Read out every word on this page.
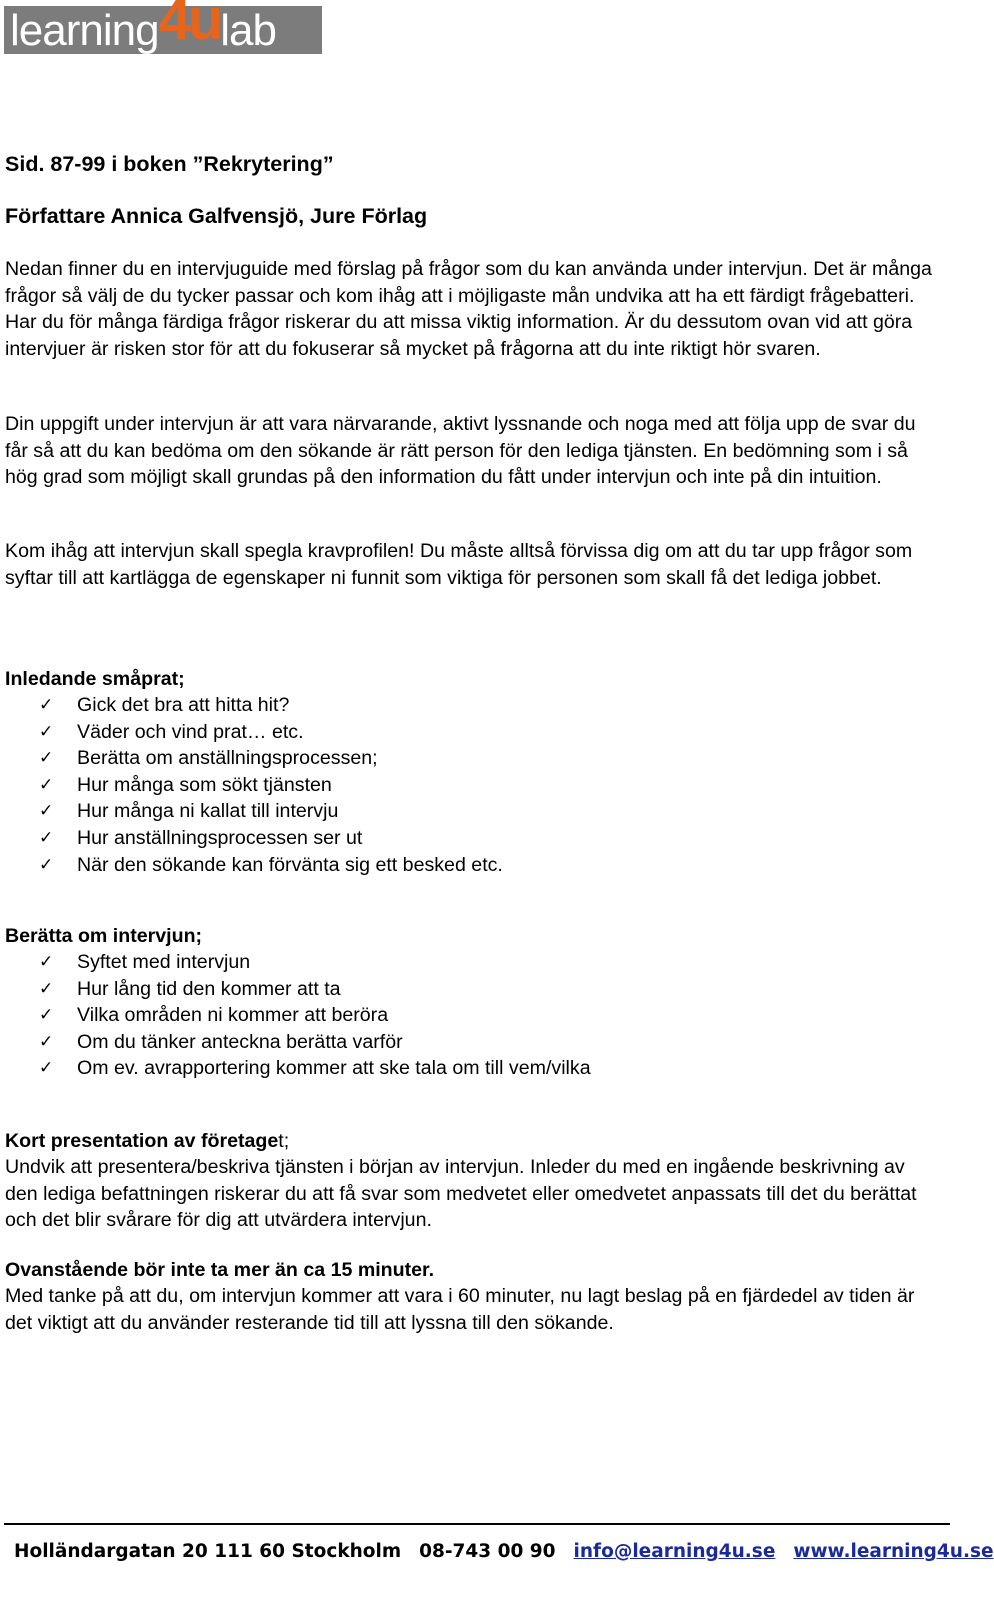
learning4ulab
Sid. 87-99 i boken ”Rekrytering”
Författare Annica Galfvensjö, Jure Förlag

Nedan finner du en intervjuguide med förslag på frågor som du kan använda under intervjun. Det är många frågor så välj de du tycker passar och kom ihåg att i möjligaste mån undvika att ha ett färdigt frågebatteri. Har du för många färdiga frågor riskerar du att missa viktig information. Är du dessutom ovan vid att göra intervjuer är risken stor för att du fokuserar så mycket på frågorna att du inte riktigt hör svaren.

Din uppgift under intervjun är att vara närvarande, aktivt lyssnande och noga med att följa upp de svar du får så att du kan bedöma om den sökande är rätt person för den lediga tjänsten. En bedömning som i så hög grad som möjligt skall grundas på den information du fått under intervjun och inte på din intuition.

Kom ihåg att intervjun skall spegla kravprofilen! Du måste alltså förvissa dig om att du tar upp frågor som syftar till att kartlägga de egenskaper ni funnit som viktiga för personen som skall få det lediga jobbet.

Inledande småprat;
✓ Gick det bra att hitta hit?
✓ Väder och vind prat… etc.
✓ Berätta om anställningsprocessen;
✓ Hur många som sökt tjänsten
✓ Hur många ni kallat till intervju
✓ Hur anställningsprocessen ser ut
✓ När den sökande kan förvänta sig ett besked etc.
Berätta om intervjun;
✓ Syftet med intervjun
✓ Hur lång tid den kommer att ta
✓ Vilka områden ni kommer att beröra
✓ Om du tänker anteckna berätta varför
✓ Om ev. avrapportering kommer att ske tala om till vem/vilka
Kort presentation av företaget;

Undvik att presentera/beskriva tjänsten i början av intervjun. Inleder du med en ingående beskrivning av den lediga befattningen riskerar du att få svar som medvetet eller omedvetet anpassats till det du berättat och det blir svårare för dig att utvärdera intervjun.

Ovanstående bör inte ta mer än ca 15 minuter.

Med tanke på att du, om intervjun kommer att vara i 60 minuter, nu lagt beslag på en fjärdedel av tiden är det viktigt att du använder resterande tid till att lyssna till den sökande.

Holländargatan 20 111 60 Stockholm 08-743 00 90 info@learning4u.se www.learning4u.se
